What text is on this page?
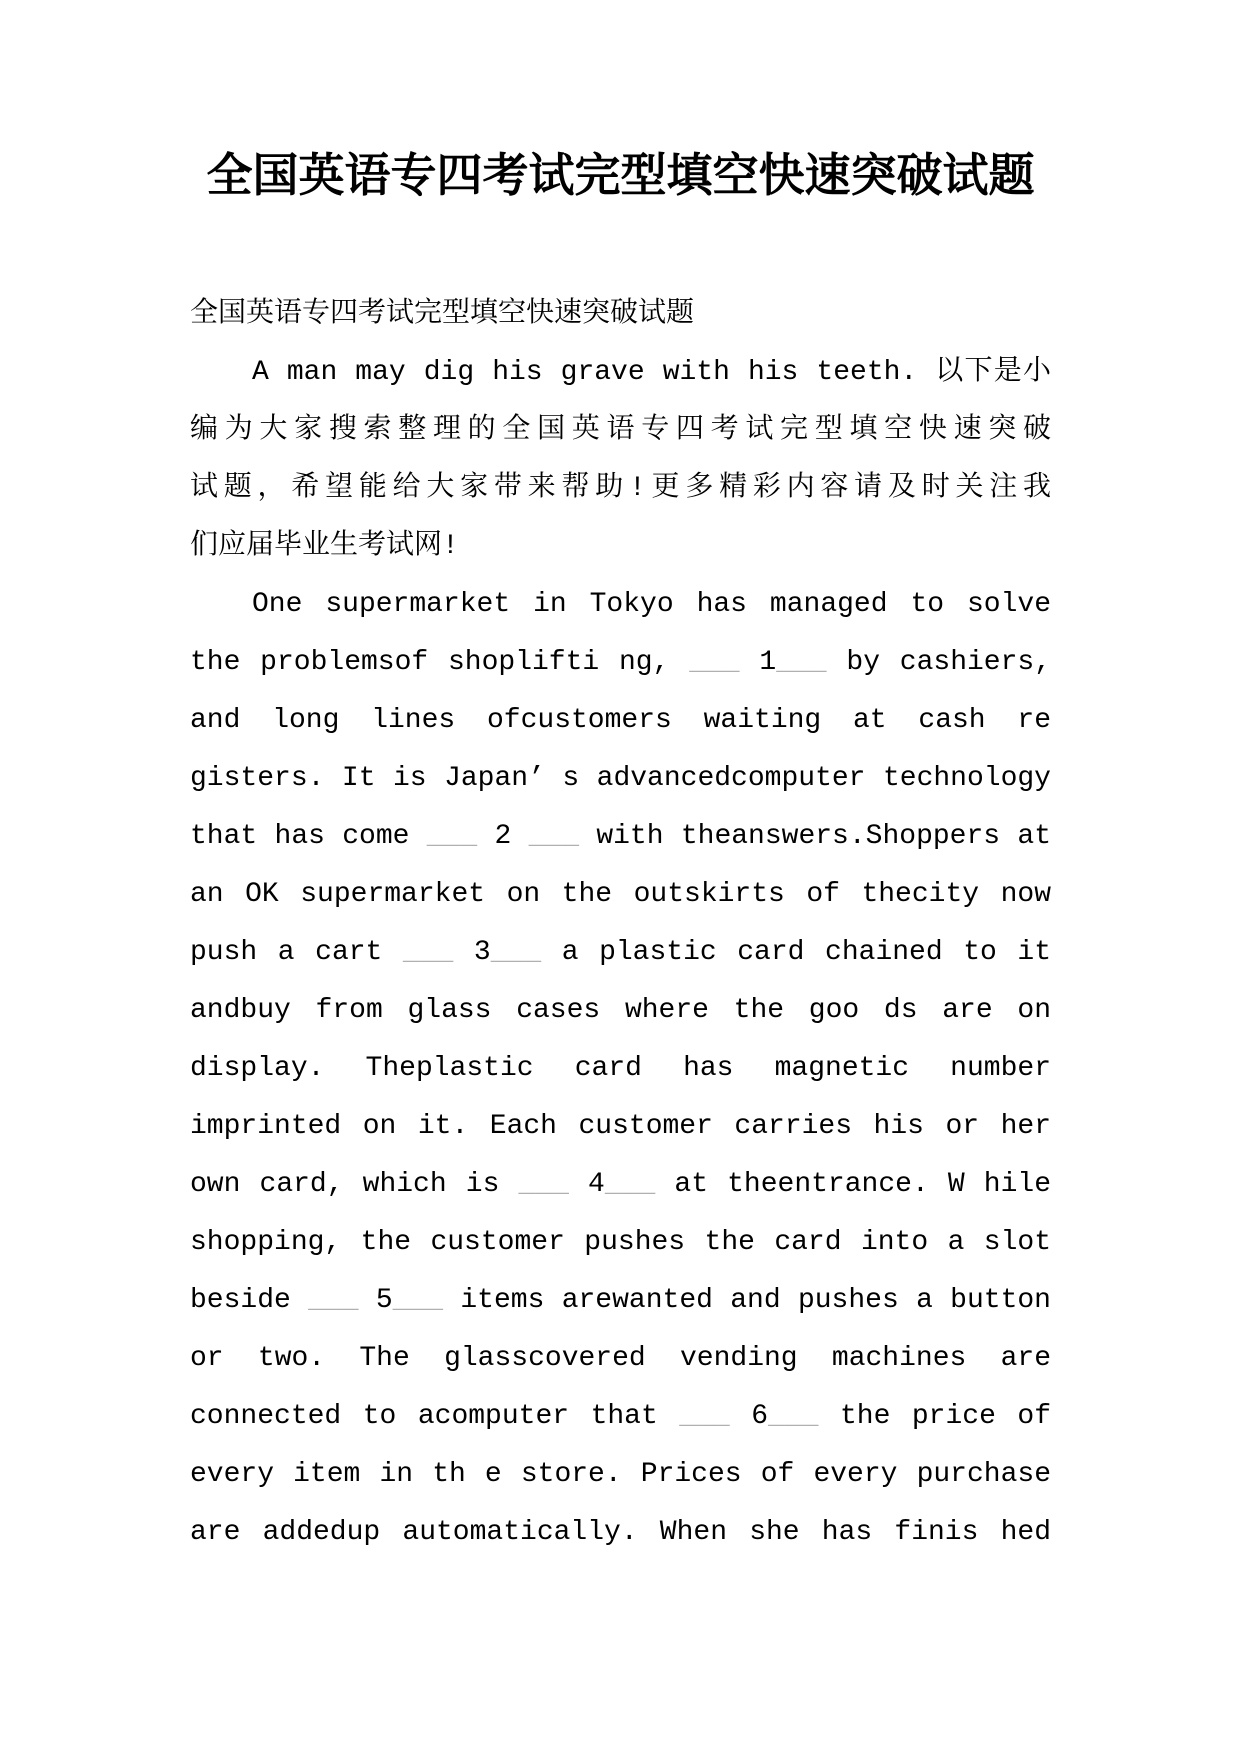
全国英语专四考试完型填空快速突破试题
全国英语专四考试完型填空快速突破试题
A man may dig his grave with his teeth. 以下是小
编为大家搜索整理的全国英语专四考试完型填空快速突破
试题，希望能给大家带来帮助!更多精彩内容请及时关注我
们应届毕业生考试网!
One supermarket in Tokyo has managed to solve
the problemsof shoplifti ng, ___ 1___ by cashiers,
and long lines ofcustomers waiting at cash re
gisters. It is Japan’ s advancedcomputer technology
that has come ___ 2 ___ with theanswers.Shoppers at
an OK supermarket on the outskirts of thecity now
push a cart ___ 3___ a plastic card chained to it
andbuy from glass cases where the goo ds are on
display. Theplastic card has magnetic number
imprinted on it. Each customer carries his or her
own card, which is ___ 4___ at theentrance. W hile
shopping, the customer pushes the card into a slot
beside ___ 5___ items arewanted and pushes a button
or two. The glasscovered vending machines are
connected to acomputer that ___ 6___ the price of
every item in th e store. Prices of every purchase
are addedup automatically. When she has finis hed
